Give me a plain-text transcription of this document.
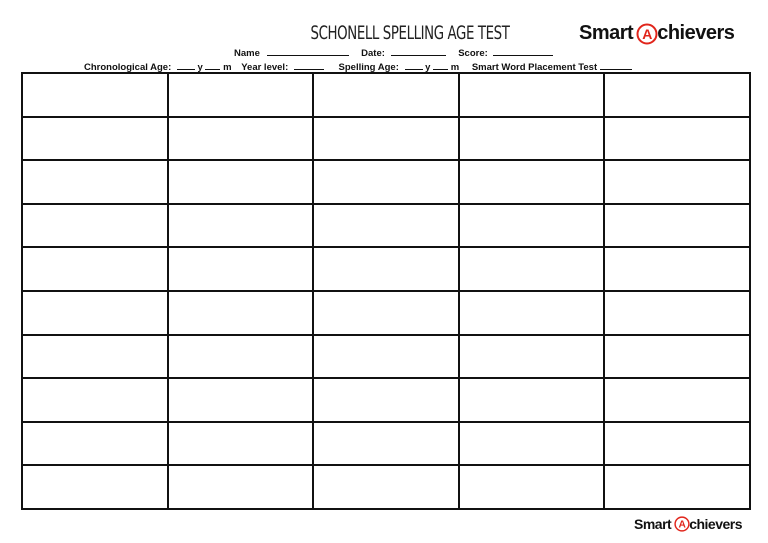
SCHONELL SPELLING AGE TEST	Smart A chievers
Name	Date:	Score:
Chronological Age:	y m Year level:	Spelling Age:	y m Smart Word Placement Test

Smart A chievers
